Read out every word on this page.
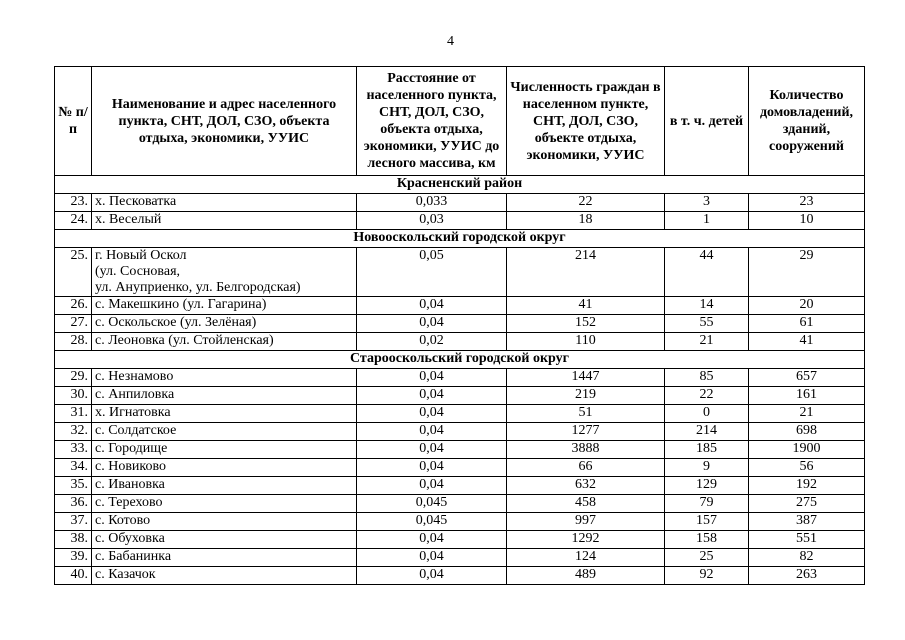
4
№ п/п	Наименование и адрес населенного пункта, СНТ, ДОЛ, СЗО, объекта отдыха, экономики, УУИС	Расстояние от населенного пункта, СНТ, ДОЛ, СЗО, объекта отдыха, экономики, УУИС до лесного массива, км	Численность граждан в населенном пункте, СНТ, ДОЛ, СЗО, объекте отдыха, экономики, УУИС	в т. ч. детей	Количество домовладений, зданий, сооружений
Красненский район					
23.	х. Песковатка	0,033	22	3	23
24.	х. Веселый	0,03	18	1	10
Новооскольский городской округ					
25.	г. Новый Оскол
(ул. Сосновая,
ул. Ануприенко, ул. Белгородская)	0,05	214	44	29
26.	с. Макешкино (ул. Гагарина)	0,04	41	14	20
27.	с. Оскольское (ул. Зелёная)	0,04	152	55	61
28.	с. Леоновка (ул. Стойленская)	0,02	110	21	41
Старооскольский городской округ					
29.	с. Незнамово	0,04	1447	85	657
30.	с. Анпиловка	0,04	219	22	161
31.	х. Игнатовка	0,04	51	0	21
32.	с. Солдатское	0,04	1277	214	698
33.	с. Городище	0,04	3888	185	1900
34.	с. Новиково	0,04	66	9	56
35.	с. Ивановка	0,04	632	129	192
36.	с. Терехово	0,045	458	79	275
37.	с. Котово	0,045	997	157	387
38.	с. Обуховка	0,04	1292	158	551
39.	с. Бабанинка	0,04	124	25	82
40.	с. Казачок	0,04	489	92	263
